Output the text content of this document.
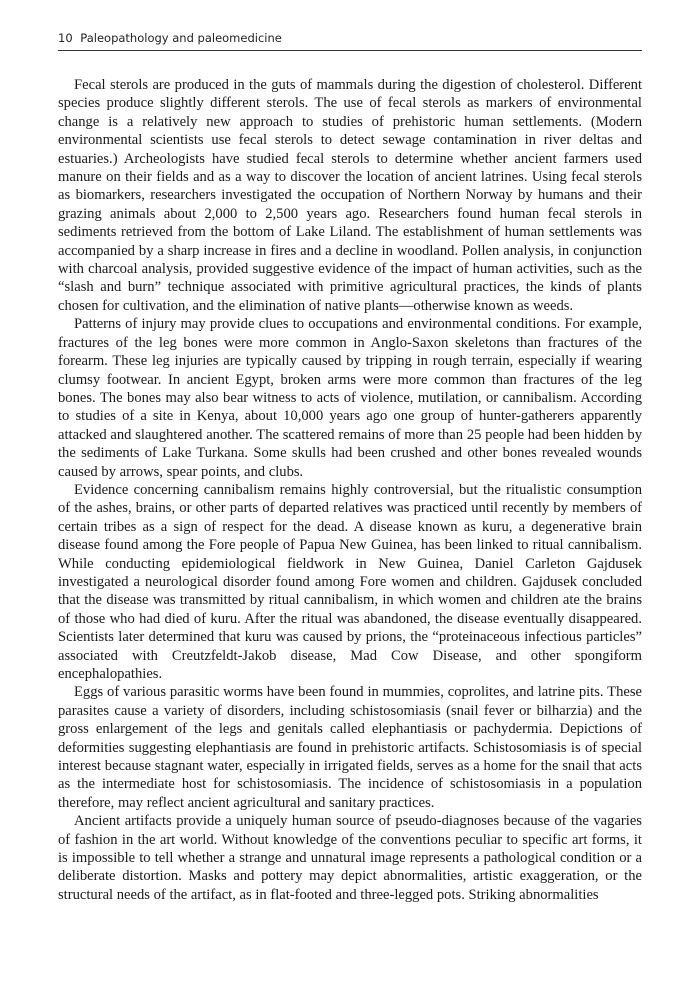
10 Paleopathology and paleomedicine

Fecal sterols are produced in the guts of mammals during the digestion of cholesterol. Different species produce slightly different sterols. The use of fecal sterols as markers of environmental change is a relatively new approach to studies of prehistoric human settlements. (Modern environmental scientists use fecal sterols to detect sewage contamination in river deltas and estuaries.) Archeologists have studied fecal sterols to determine whether ancient farmers used manure on their fields and as a way to discover the location of ancient latrines. Using fecal sterols as biomarkers, researchers investigated the occupation of Northern Norway by humans and their grazing animals about 2,000 to 2,500 years ago. Researchers found human fecal sterols in sediments retrieved from the bottom of Lake Liland. The establishment of human settlements was accompanied by a sharp increase in fires and a decline in woodland. Pollen analysis, in conjunction with charcoal analysis, provided suggestive evidence of the impact of human activities, such as the “slash and burn” technique associated with primitive agricultural practices, the kinds of plants chosen for cultivation, and the elimination of native plants—otherwise known as weeds.

Patterns of injury may provide clues to occupations and environmental conditions. For example, fractures of the leg bones were more common in Anglo-Saxon skeletons than fractures of the forearm. These leg injuries are typically caused by tripping in rough terrain, especially if wearing clumsy footwear. In ancient Egypt, broken arms were more common than fractures of the leg bones. The bones may also bear witness to acts of violence, mutilation, or cannibalism. According to studies of a site in Kenya, about 10,000 years ago one group of hunter-gatherers apparently attacked and slaughtered another. The scattered remains of more than 25 people had been hidden by the sediments of Lake Turkana. Some skulls had been crushed and other bones revealed wounds caused by arrows, spear points, and clubs.

Evidence concerning cannibalism remains highly controversial, but the ritualistic consumption of the ashes, brains, or other parts of departed relatives was practiced until recently by members of certain tribes as a sign of respect for the dead. A disease known as kuru, a degenerative brain disease found among the Fore people of Papua New Guinea, has been linked to ritual cannibalism. While conducting epidemiological fieldwork in New Guinea, Daniel Carleton Gajdusek investigated a neurological disorder found among Fore women and children. Gajdusek concluded that the disease was transmitted by ritual cannibalism, in which women and children ate the brains of those who had died of kuru. After the ritual was abandoned, the disease eventually disappeared. Scientists later determined that kuru was caused by prions, the “proteinaceous infectious particles” associated with Creutzfeldt-Jakob disease, Mad Cow Disease, and other spongiform encephalopathies.

Eggs of various parasitic worms have been found in mummies, coprolites, and latrine pits. These parasites cause a variety of disorders, including schistosomiasis (snail fever or bilharzia) and the gross enlargement of the legs and genitals called elephantiasis or pachydermia. Depictions of deformities suggesting elephantiasis are found in prehistoric artifacts. Schistosomiasis is of special interest because stagnant water, especially in irrigated fields, serves as a home for the snail that acts as the intermediate host for schistosomiasis. The incidence of schistosomiasis in a population therefore, may reflect ancient agricultural and sanitary practices.

Ancient artifacts provide a uniquely human source of pseudo-diagnoses because of the vagaries of fashion in the art world. Without knowledge of the conventions peculiar to specific art forms, it is impossible to tell whether a strange and unnatural image represents a pathological condition or a deliberate distortion. Masks and pottery may depict abnormalities, artistic exaggeration, or the structural needs of the artifact, as in flat-footed and three-legged pots. Striking abnormalities
